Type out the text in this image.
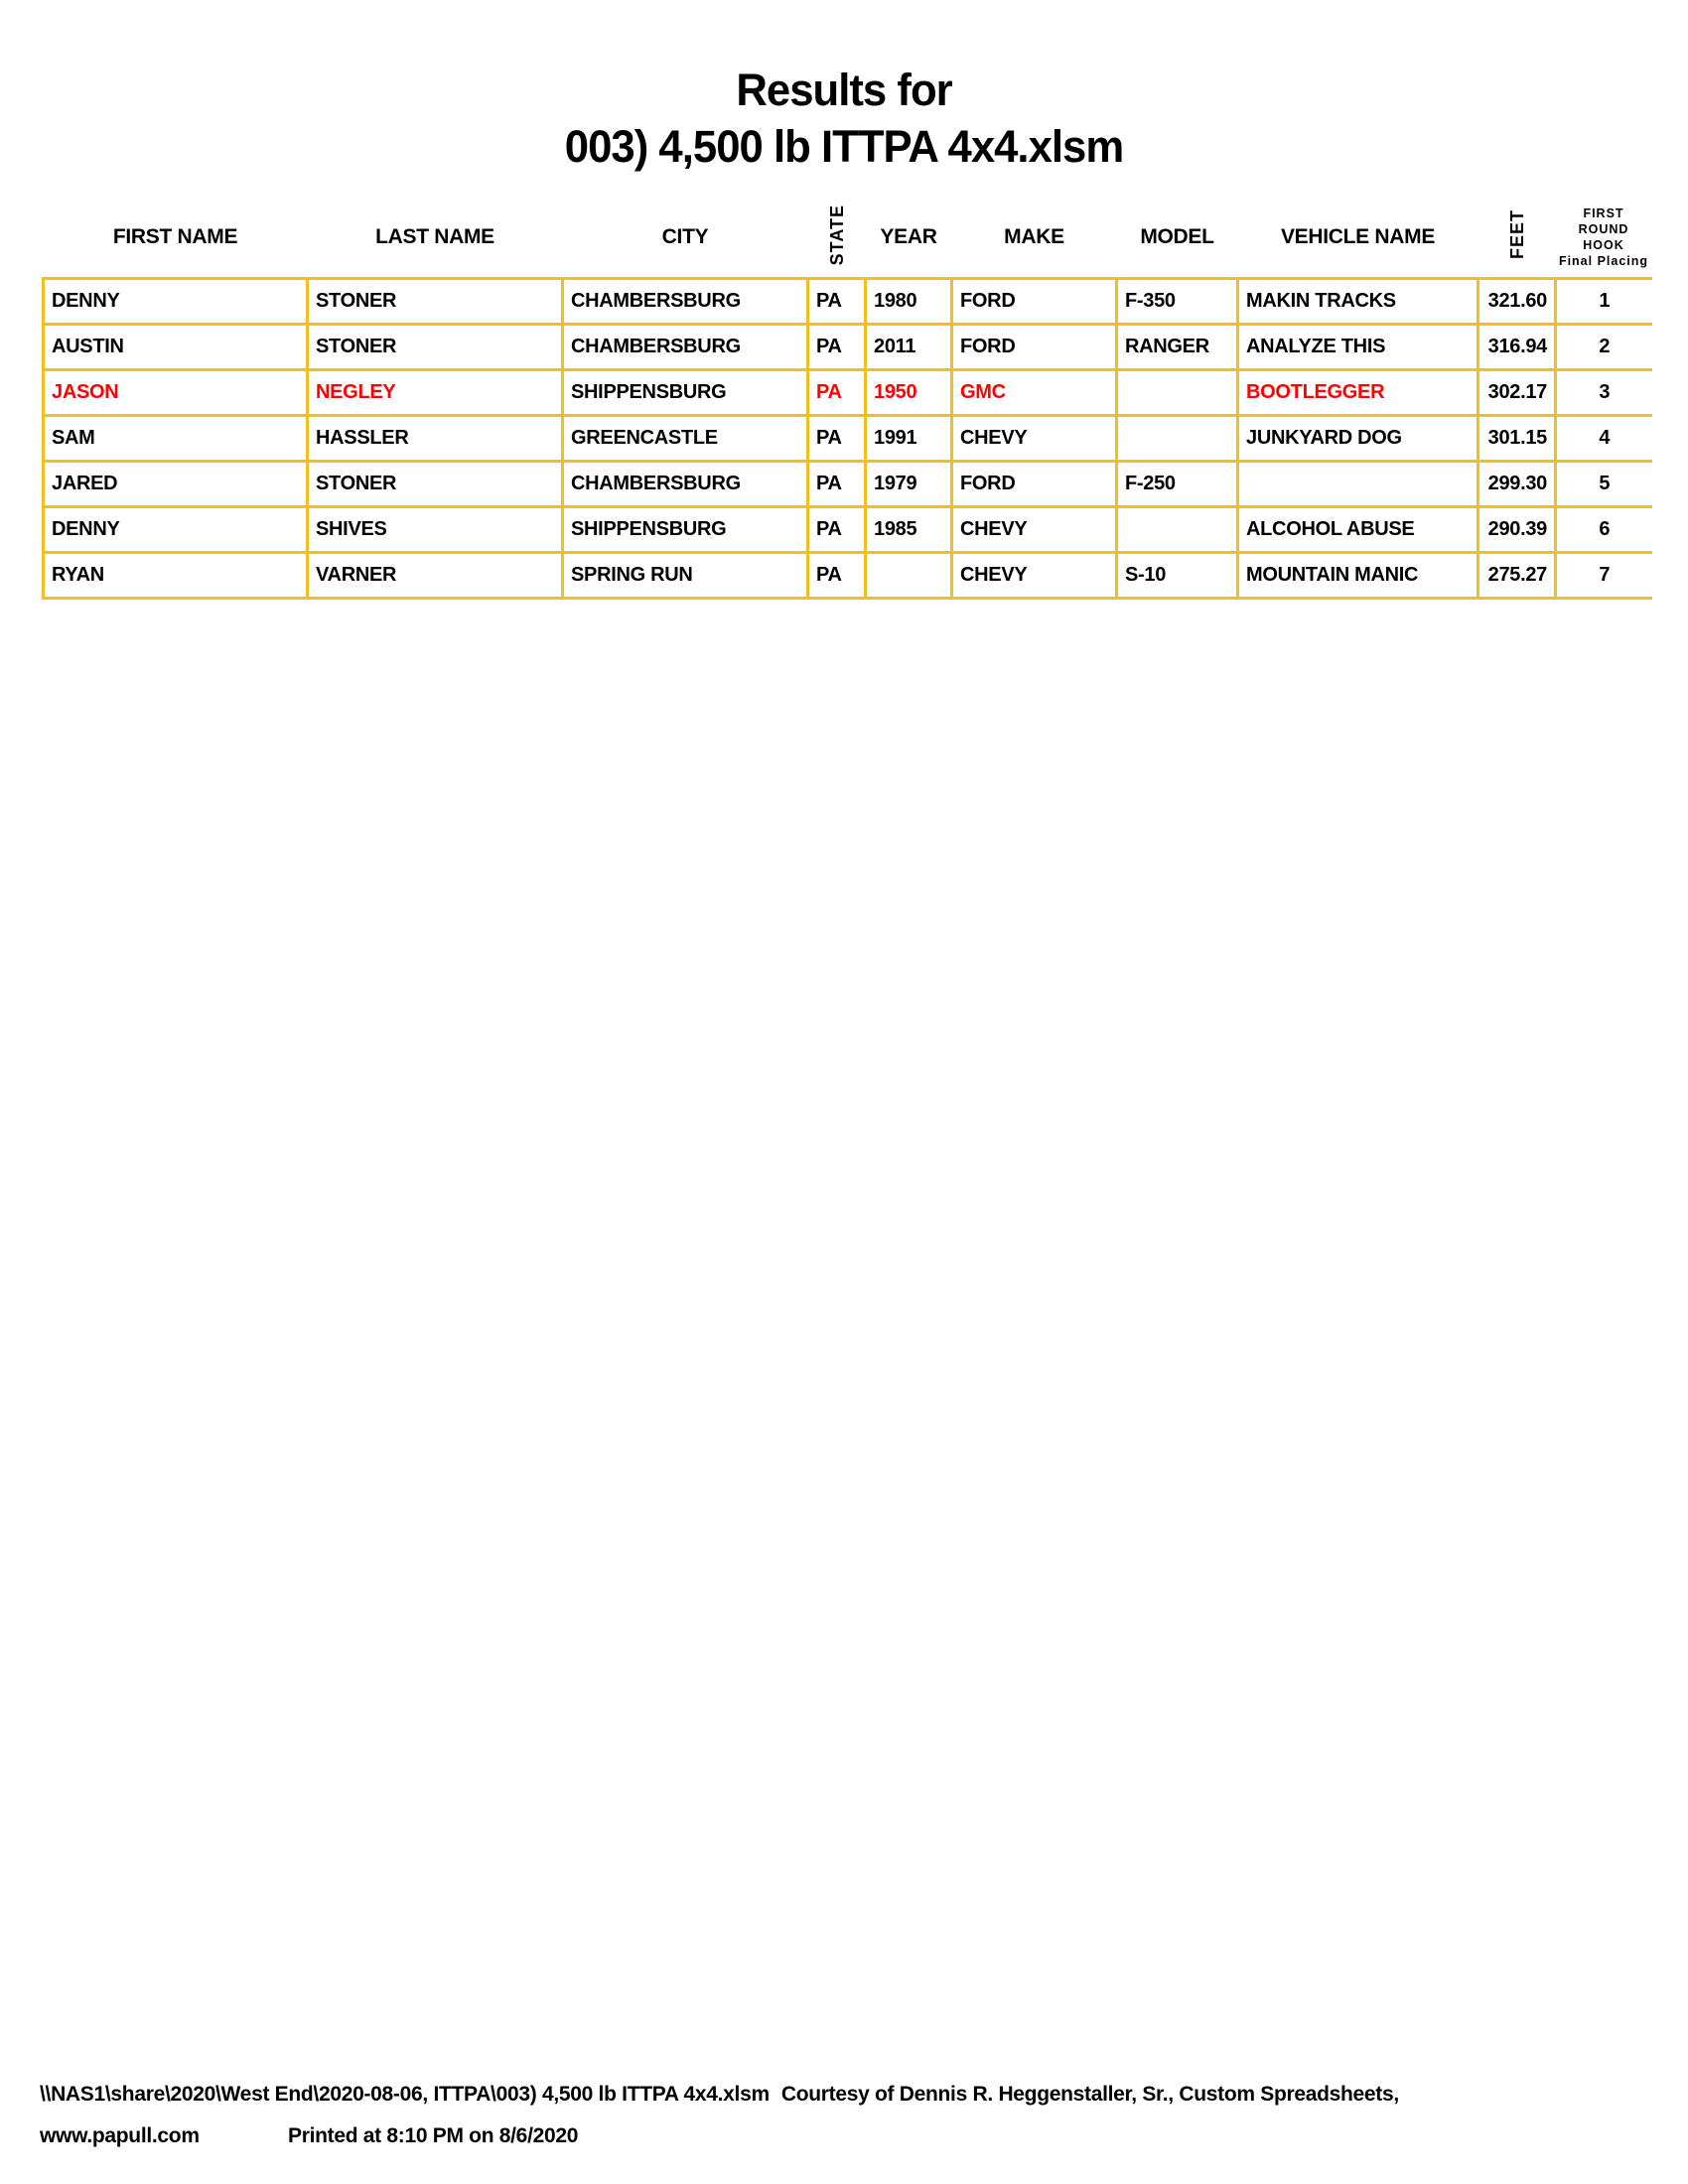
Results for
003) 4,500 lb ITTPA 4x4.xlsm
FIRST NAME	LAST NAME	CITY	STATE	YEAR	MAKE	MODEL	VEHICLE NAME	FEET	FIRST ROUND
HOOK
Final Placing

DENNY	STONER	CHAMBERSBURG	PA	1980	FORD	F-350	MAKIN TRACKS	321.60	1
AUSTIN	STONER	CHAMBERSBURG	PA	2011	FORD	RANGER	ANALYZE THIS	316.94	2
JASON	NEGLEY	SHIPPENSBURG	PA	1950	GMC		BOOTLEGGER	302.17	3
SAM	HASSLER	GREENCASTLE	PA	1991	CHEVY		JUNKYARD DOG	301.15	4
JARED	STONER	CHAMBERSBURG	PA	1979	FORD	F-250		299.30	5
DENNY	SHIVES	SHIPPENSBURG	PA	1985	CHEVY		ALCOHOL ABUSE	290.39	6
RYAN	VARNER	SPRING RUN	PA		CHEVY	S-10	MOUNTAIN MANIC	275.27	7
\\NAS1\share\2020\West End\2020-08-06, ITTPA\003) 4,500 lb ITTPA 4x4.xlsm Courtesy of Dennis R. Heggenstaller, Sr., Custom Spreadsheets,
www.papull.com	Printed at 8:10 PM on 8/6/2020
